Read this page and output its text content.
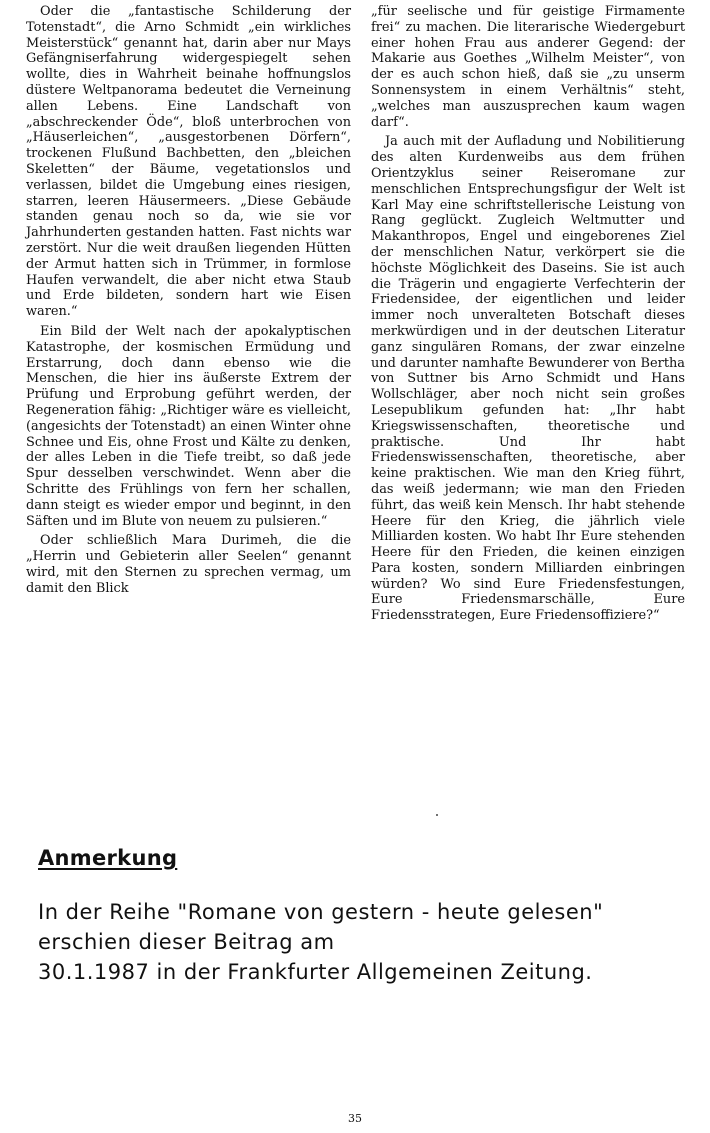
Oder die „fantastische Schilderung der Totenstadt“, die Arno Schmidt „ein wirkliches Meisterstück“ genannt hat, darin aber nur Mays Gefängniserfahrung widergespiegelt sehen wollte, dies in Wahrheit beinahe hoffnungslos düstere Weltpanorama bedeutet die Verneinung allen Lebens. Eine Landschaft von „abschreckender Öde“, bloß unterbrochen von „Häuserleichen“, „ausgestorbenen Dörfern“, trockenen Flußund Bachbetten, den „bleichen Skeletten“ der Bäume, vegetationslos und verlassen, bildet die Umgebung eines riesigen, starren, leeren Häusermeers. „Diese Gebäude standen genau noch so da, wie sie vor Jahrhunderten gestanden hatten. Fast nichts war zerstört. Nur die weit draußen liegenden Hütten der Armut hatten sich in Trümmer, in formlose Haufen verwandelt, die aber nicht etwa Staub und Erde bildeten, sondern hart wie Eisen waren.“

Ein Bild der Welt nach der apokalyptischen Katastrophe, der kosmischen Ermüdung und Erstarrung, doch dann ebenso wie die Menschen, die hier ins äußerste Extrem der Prüfung und Erprobung geführt werden, der Regeneration fähig: „Richtiger wäre es vielleicht, (angesichts der Totenstadt) an einen Winter ohne Schnee und Eis, ohne Frost und Kälte zu denken, der alles Leben in die Tiefe treibt, so daß jede Spur desselben verschwindet. Wenn aber die Schritte des Frühlings von fern her schallen, dann steigt es wieder empor und beginnt, in den Säften und im Blute von neuem zu pulsieren.“

Oder schließlich Mara Durimeh, die die „Herrin und Gebieterin aller Seelen“ genannt wird, mit den Sternen zu sprechen vermag, um damit den Blick

„für seelische und für geistige Firmamente frei“ zu machen. Die literarische Wiedergeburt einer hohen Frau aus anderer Gegend: der Makarie aus Goethes „Wilhelm Meister“, von der es auch schon hieß, daß sie „zu unserm Sonnensystem in einem Verhältnis“ steht, „welches man auszusprechen kaum wagen darf“.

Ja auch mit der Aufladung und Nobilitierung des alten Kurdenweibs aus dem frühen Orientzyklus seiner Reiseromane zur menschlichen Entsprechungsfigur der Welt ist Karl May eine schriftstellerische Leistung von Rang geglückt. Zugleich Weltmutter und Makanthropos, Engel und eingeborenes Ziel der menschlichen Natur, verkörpert sie die höchste Möglichkeit des Daseins. Sie ist auch die Trägerin und engagierte Verfechterin der Friedensidee, der eigentlichen und leider immer noch unveralteten Botschaft dieses merkwürdigen und in der deutschen Literatur ganz singulären Romans, der zwar einzelne und darunter namhafte Bewunderer von Bertha von Suttner bis Arno Schmidt und Hans Wollschläger, aber noch nicht sein großes Lesepublikum gefunden hat: „Ihr habt Kriegswissenschaften, theoretische und praktische. Und Ihr habt Friedenswissenschaften, theoretische, aber keine praktischen. Wie man den Krieg führt, das weiß jedermann; wie man den Frieden führt, das weiß kein Mensch. Ihr habt stehende Heere für den Krieg, die jährlich viele Milliarden kosten. Wo habt Ihr Eure stehenden Heere für den Frieden, die keinen einzigen Para kosten, sondern Milliarden einbringen würden? Wo sind Eure Friedensfestungen, Eure Friedensmarschälle, Eure Friedensstrategen, Eure Friedensoffiziere?“

Anmerkung

In der Reihe "Romane von gestern - heute gelesen"
erschien dieser Beitrag am
30.1.1987 in der Frankfurter Allgemeinen Zeitung.

35
